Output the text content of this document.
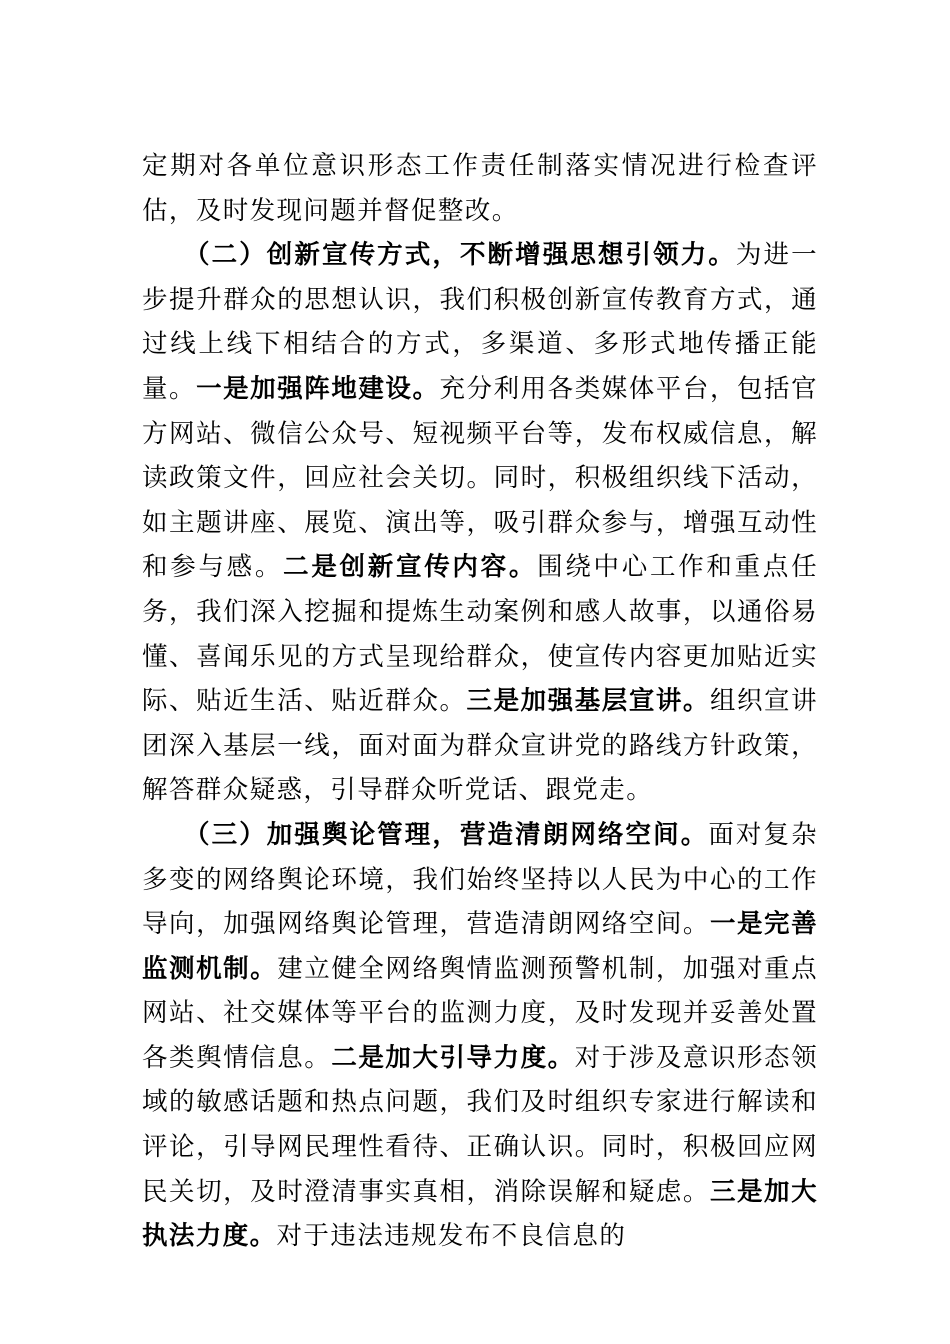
定期对各单位意识形态工作责任制落实情况进行检查评估，及时发现问题并督促整改。

（二）创新宣传方式，不断增强思想引领力。为进一步提升群众的思想认识，我们积极创新宣传教育方式，通过线上线下相结合的方式，多渠道、多形式地传播正能量。一是加强阵地建设。充分利用各类媒体平台，包括官方网站、微信公众号、短视频平台等，发布权威信息，解读政策文件，回应社会关切。同时，积极组织线下活动，如主题讲座、展览、演出等，吸引群众参与，增强互动性和参与感。二是创新宣传内容。围绕中心工作和重点任务，我们深入挖掘和提炼生动案例和感人故事，以通俗易懂、喜闻乐见的方式呈现给群众，使宣传内容更加贴近实际、贴近生活、贴近群众。三是加强基层宣讲。组织宣讲团深入基层一线，面对面为群众宣讲党的路线方针政策，解答群众疑惑，引导群众听党话、跟党走。

（三）加强舆论管理，营造清朗网络空间。面对复杂多变的网络舆论环境，我们始终坚持以人民为中心的工作导向，加强网络舆论管理，营造清朗网络空间。一是完善监测机制。建立健全网络舆情监测预警机制，加强对重点网站、社交媒体等平台的监测力度，及时发现并妥善处置各类舆情信息。二是加大引导力度。对于涉及意识形态领域的敏感话题和热点问题，我们及时组织专家进行解读和评论，引导网民理性看待、正确认识。同时，积极回应网民关切，及时澄清事实真相，消除误解和疑虑。三是加大执法力度。对于违法违规发布不良信息的
